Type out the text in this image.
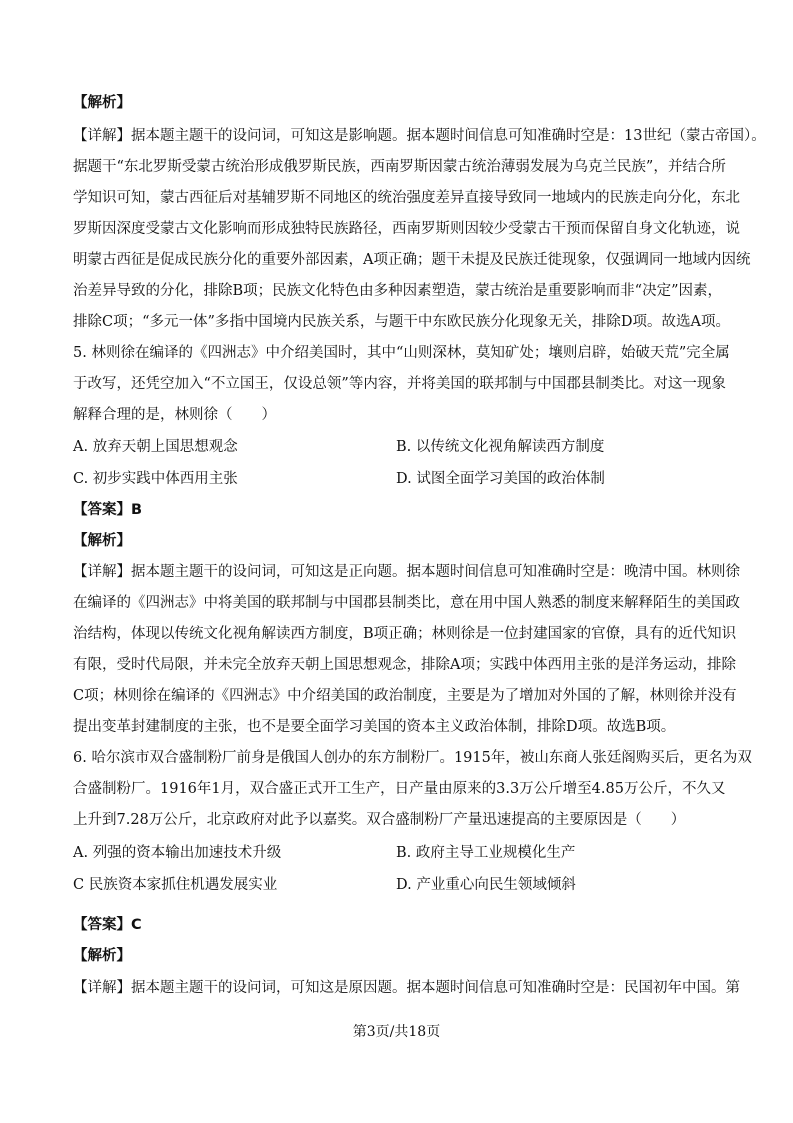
【解析】
【详解】据本题主题干的设问词，可知这是影响题。据本题时间信息可知准确时空是：13世纪（蒙古帝国）。
据题干“东北罗斯受蒙古统治形成俄罗斯民族，西南罗斯因蒙古统治薄弱发展为乌克兰民族”，并结合所
学知识可知，蒙古西征后对基辅罗斯不同地区的统治强度差异直接导致同一地域内的民族走向分化，东北
罗斯因深度受蒙古文化影响而形成独特民族路径，西南罗斯则因较少受蒙古干预而保留自身文化轨迹，说
明蒙古西征是促成民族分化的重要外部因素，A项正确；题干未提及民族迁徙现象，仅强调同一地域内因统
治差异导致的分化，排除B项；民族文化特色由多种因素塑造，蒙古统治是重要影响而非“决定”因素，
排除C项；“多元一体”多指中国境内民族关系，与题干中东欧民族分化现象无关，排除D项。故选A项。
5. 林则徐在编译的《四洲志》中介绍美国时，其中“山则深林，莫知矿处；壤则启辟，始破天荒”完全属
于改写，还凭空加入“不立国王，仅设总领”等内容，并将美国的联邦制与中国郡县制类比。对这一现象
解释合理的是，林则徐（　　）
A. 放弃天朝上国思想观念	B. 以传统文化视角解读西方制度
C. 初步实践中体西用主张	D. 试图全面学习美国的政治体制
【答案】B
【解析】
【详解】据本题主题干的设问词，可知这是正向题。据本题时间信息可知准确时空是：晚清中国。林则徐
在编译的《四洲志》中将美国的联邦制与中国郡县制类比，意在用中国人熟悉的制度来解释陌生的美国政
治结构，体现以传统文化视角解读西方制度，B项正确；林则徐是一位封建国家的官僚，具有的近代知识
有限，受时代局限，并未完全放弃天朝上国思想观念，排除A项；实践中体西用主张的是洋务运动，排除
C项；林则徐在编译的《四洲志》中介绍美国的政治制度，主要是为了增加对外国的了解，林则徐并没有
提出变革封建制度的主张，也不是要全面学习美国的资本主义政治体制，排除D项。故选B项。
6. 哈尔滨市双合盛制粉厂前身是俄国人创办的东方制粉厂。1915年，被山东商人张廷阁购买后，更名为双
合盛制粉厂。1916年1月，双合盛正式开工生产，日产量由原来的3.3万公斤增至4.85万公斤，不久又
上升到7.28万公斤，北京政府对此予以嘉奖。双合盛制粉厂产量迅速提高的主要原因是（　　）
A. 列强的资本输出加速技术升级	B. 政府主导工业规模化生产
C 民族资本家抓住机遇发展实业	D. 产业重心向民生领域倾斜
【答案】C
【解析】
【详解】据本题主题干的设问词，可知这是原因题。据本题时间信息可知准确时空是：民国初年中国。第
第3页/共18页
